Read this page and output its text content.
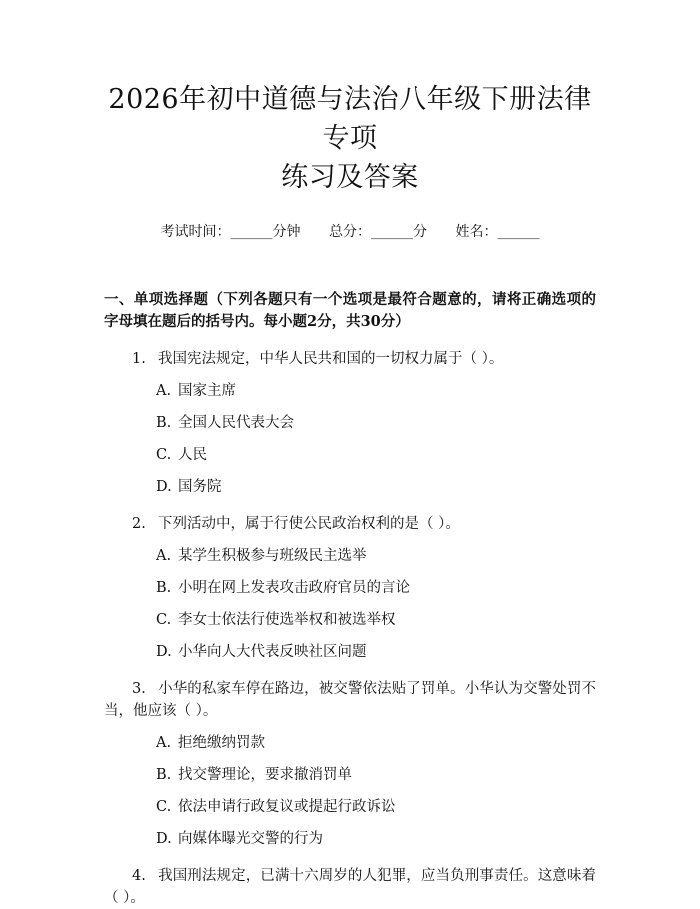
2026年初中道德与法治八年级下册法律专项
练习及答案
考试时间：______分钟 总分：______分 姓名：______
一、单项选择题（下列各题只有一个选项是最符合题意的，请将正确选项的字母填在题后的括号内。每小题2分，共30分）
1. 我国宪法规定，中华人民共和国的一切权力属于（ ）。
A. 国家主席
B. 全国人民代表大会
C. 人民
D. 国务院
2. 下列活动中，属于行使公民政治权利的是（ ）。
A. 某学生积极参与班级民主选举
B. 小明在网上发表攻击政府官员的言论
C. 李女士依法行使选举权和被选举权
D. 小华向人大代表反映社区问题
3. 小华的私家车停在路边，被交警依法贴了罚单。小华认为交警处罚不当，他应该（ ）。
A. 拒绝缴纳罚款
B. 找交警理论，要求撤消罚单
C. 依法申请行政复议或提起行政诉讼
D. 向媒体曝光交警的行为
4. 我国刑法规定，已满十六周岁的人犯罪，应当负刑事责任。这意味着（ ）。
